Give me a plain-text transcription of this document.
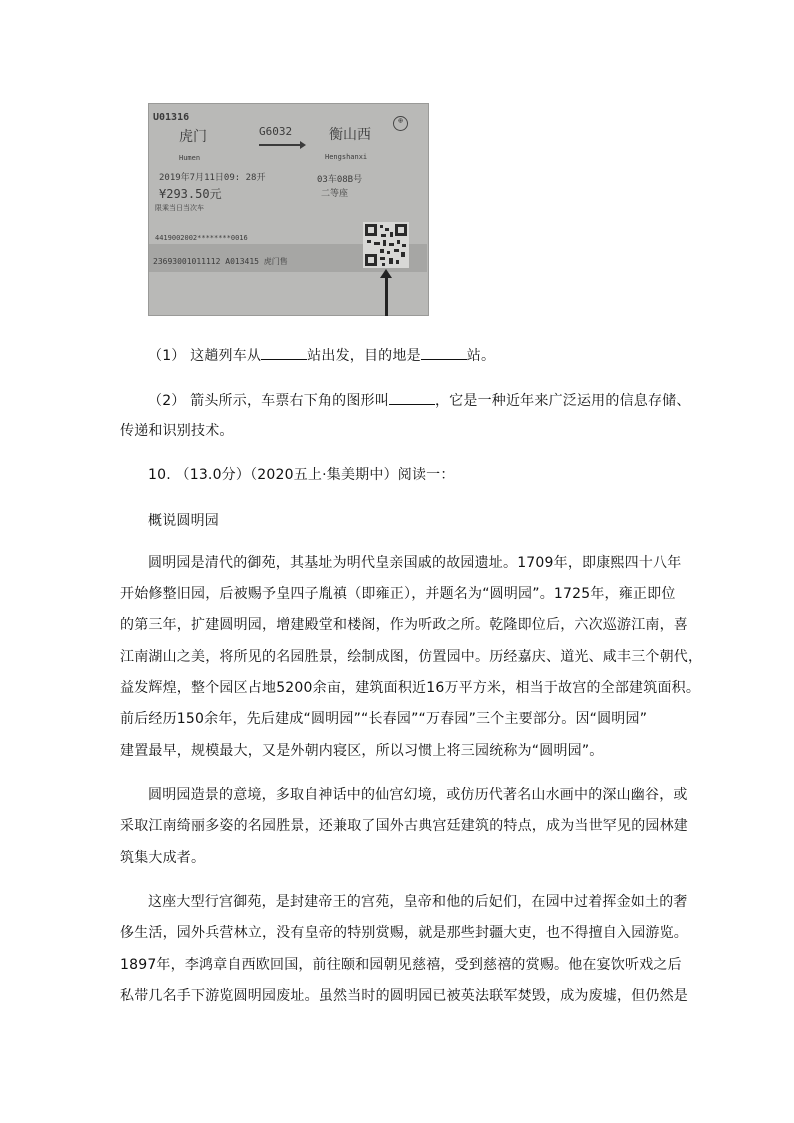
U01316	⊕
虎门	G6032	衡山西
Humen	Hengshanxi
2019年7月11日09: 28开	03车08B号
¥293.50元	二等座
限乘当日当次车
4419002002********0016
23693001011112 A013415 虎门售
（1） 这趟列车从	站出发，目的地是	站。
（2） 箭头所示，车票右下角的图形叫	，它是一种近年来广泛运用的信息存储、
传递和识别技术。
10. （13.0分）（2020五上·集美期中）阅读一：
概说圆明园
圆明园是清代的御苑，其基址为明代皇亲国戚的故园遗址。1709年，即康熙四十八年
开始修整旧园，后被赐予皇四子胤禛（即雍正），并题名为“圆明园”。1725年，雍正即位
的第三年，扩建圆明园，增建殿堂和楼阁，作为听政之所。乾隆即位后，六次巡游江南，喜
江南湖山之美，将所见的名园胜景，绘制成图，仿置园中。历经嘉庆、道光、咸丰三个朝代，
益发辉煌，整个园区占地5200余亩，建筑面积近16万平方米，相当于故宫的全部建筑面积。
前后经历150余年，先后建成“圆明园”“长春园”“万春园”三个主要部分。因“圆明园”
建置最早，规模最大，又是外朝内寝区，所以习惯上将三园统称为“圆明园”。
圆明园造景的意境，多取自神话中的仙宫幻境，或仿历代著名山水画中的深山幽谷，或
采取江南绮丽多姿的名园胜景，还兼取了国外古典宫廷建筑的特点，成为当世罕见的园林建
筑集大成者。
这座大型行宫御苑，是封建帝王的宫苑，皇帝和他的后妃们，在园中过着挥金如土的奢
侈生活，园外兵营林立，没有皇帝的特别赏赐，就是那些封疆大吏，也不得擅自入园游览。
1897年，李鸿章自西欧回国，前往颐和园朝见慈禧，受到慈禧的赏赐。他在宴饮听戏之后
私带几名手下游览圆明园废址。虽然当时的圆明园已被英法联军焚毁，成为废墟，但仍然是
